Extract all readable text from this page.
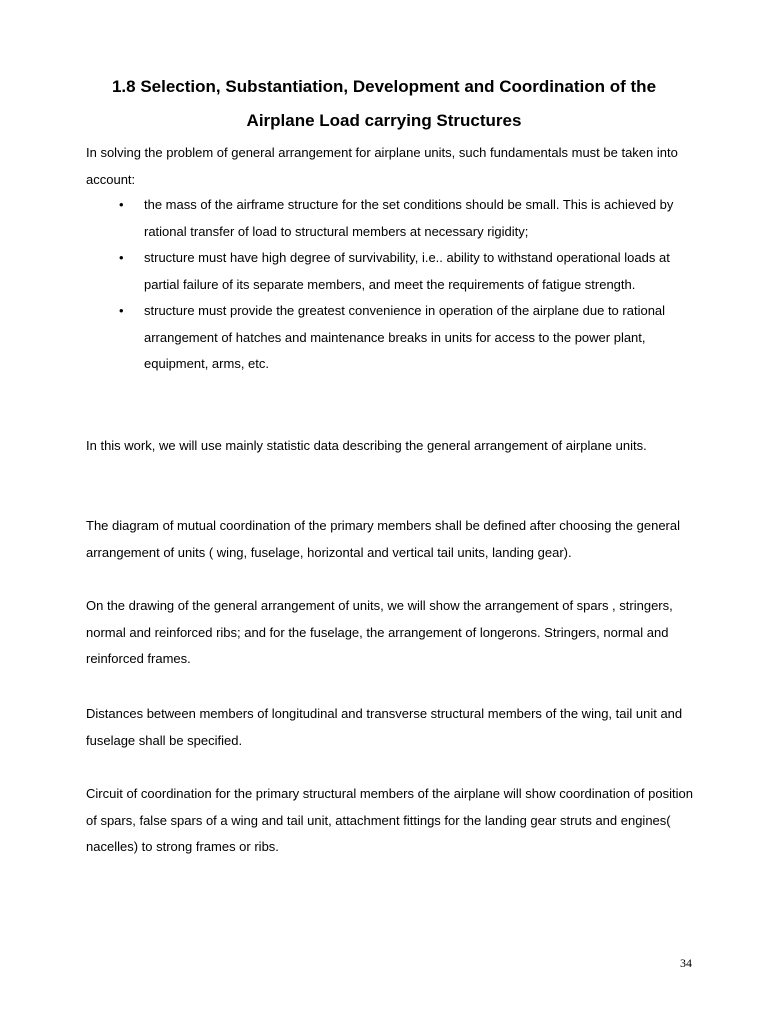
1.8 Selection, Substantiation, Development and Coordination of the
Airplane Load carrying Structures

In solving the problem of general arrangement for airplane units, such fundamentals must be taken into account:

• the mass of the airframe structure for the set conditions should be small. This is achieved by rational transfer of load to structural members at necessary rigidity;
• structure must have high degree of survivability, i.e.. ability to withstand operational loads at partial failure of its separate members, and meet the requirements of fatigue strength.
• structure must provide the greatest convenience in operation of the airplane due to rational arrangement of hatches and maintenance breaks in units for access to the power plant, equipment, arms, etc.

In this work, we will use mainly statistic data describing the general arrangement of airplane units.

The diagram of mutual coordination of the primary members shall be defined after choosing the general arrangement of units ( wing, fuselage, horizontal and vertical tail units, landing gear).

On the drawing of the general arrangement of units, we will show the arrangement of spars , stringers, normal and reinforced ribs; and for the fuselage, the arrangement of longerons. Stringers, normal and reinforced frames.

Distances between members of longitudinal and transverse structural members of the wing, tail unit and fuselage shall be specified.

Circuit of coordination for the primary structural members of the airplane will show coordination of position of spars, false spars of a wing and tail unit, attachment fittings for the landing gear struts and engines( nacelles) to strong frames or ribs.

34
